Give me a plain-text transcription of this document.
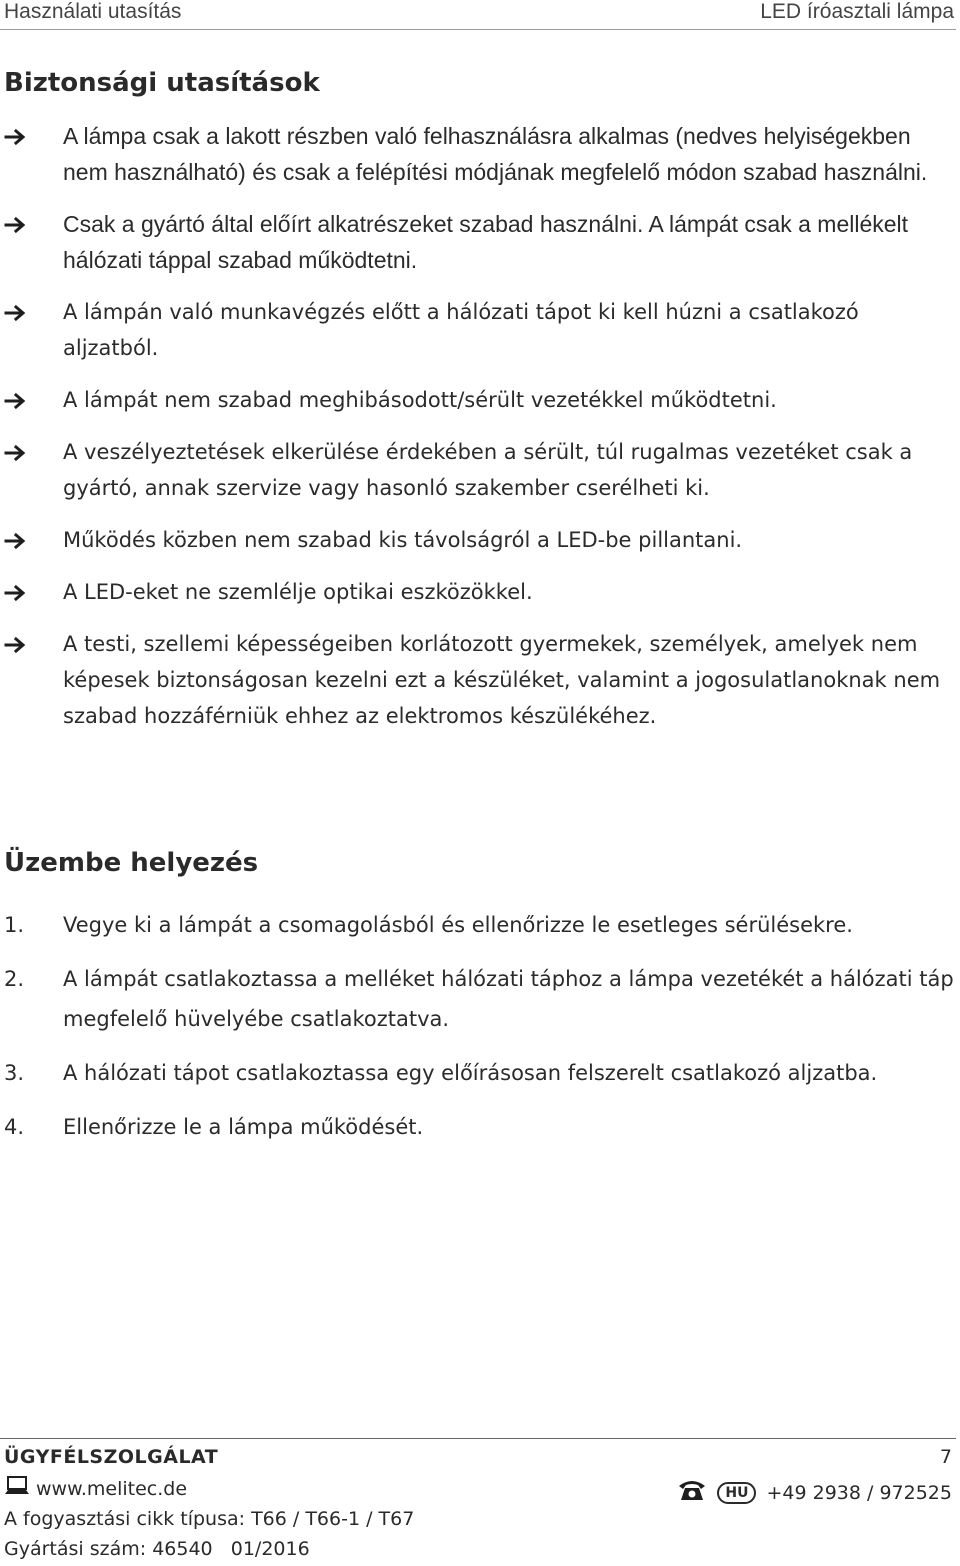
Használati utasítás	LED íróasztali lámpa
Biztonsági utasítások
A lámpa csak a lakott részben való felhasználásra alkalmas (nedves helyiségekben nem használható) és csak a felépítési módjának megfelelő módon szabad használni.
Csak a gyártó által előírt alkatrészeket szabad használni. A lámpát csak a mellékelt hálózati táppal szabad működtetni.
A lámpán való munkavégzés előtt a hálózati tápot ki kell húzni a csatlakozó aljzatból.
A lámpát nem szabad meghibásodott/sérült vezetékkel működtetni.
A veszélyeztetések elkerülése érdekében a sérült, túl rugalmas vezetéket csak a gyártó, annak szervize vagy hasonló szakember cserélheti ki.
Működés közben nem szabad kis távolságról a LED-be pillantani.
A LED-eket ne szemlélje optikai eszközökkel.
A testi, szellemi képességeiben korlátozott gyermekek, személyek, amelyek nem képesek biztonságosan kezelni ezt a készüléket, valamint a jogosulatlanoknak nem szabad hozzáférniük ehhez az elektromos készülékéhez.
Üzembe helyezés
1. Vegye ki a lámpát a csomagolásból és ellenőrizze le esetleges sérülésekre.
2. A lámpát csatlakoztassa a melléket hálózati táphoz a lámpa vezetékét a hálózati táp megfelelő hüvelyébe csatlakoztatva.
3. A hálózati tápot csatlakoztassa egy előírásosan felszerelt csatlakozó aljzatba.
4. Ellenőrizze le a lámpa működését.
ÜGYFÉLSZOLGÁLAT	7
www.melitec.de	HU +49 2938 / 972525
A fogyasztási cikk típusa: T66 / T66-1 / T67
Gyártási szám: 46540   01/2016
